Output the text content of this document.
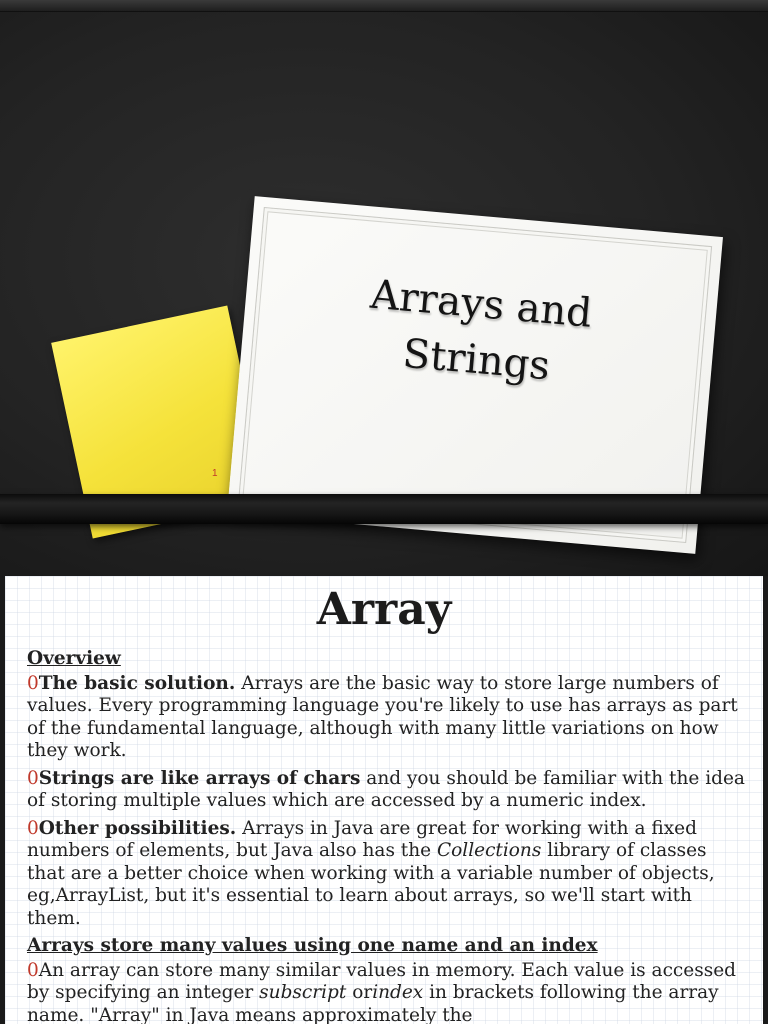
1
Arrays and
Strings
Array
Overview
0The basic solution. Arrays are the basic way to store large numbers of values. Every programming language you're likely to use has arrays as part of the fundamental language, although with many little variations on how they work.
0Strings are like arrays of chars and you should be familiar with the idea of storing multiple values which are accessed by a numeric index.
0Other possibilities. Arrays in Java are great for working with a fixed numbers of elements, but Java also has the Collections library of classes that are a better choice when working with a variable number of objects, eg,ArrayList, but it's essential to learn about arrays, so we'll start with them.
Arrays store many values using one name and an index
0An array can store many similar values in memory. Each value is accessed by specifying an integer subscript orindex in brackets following the array name. "Array" in Java means approximately the
